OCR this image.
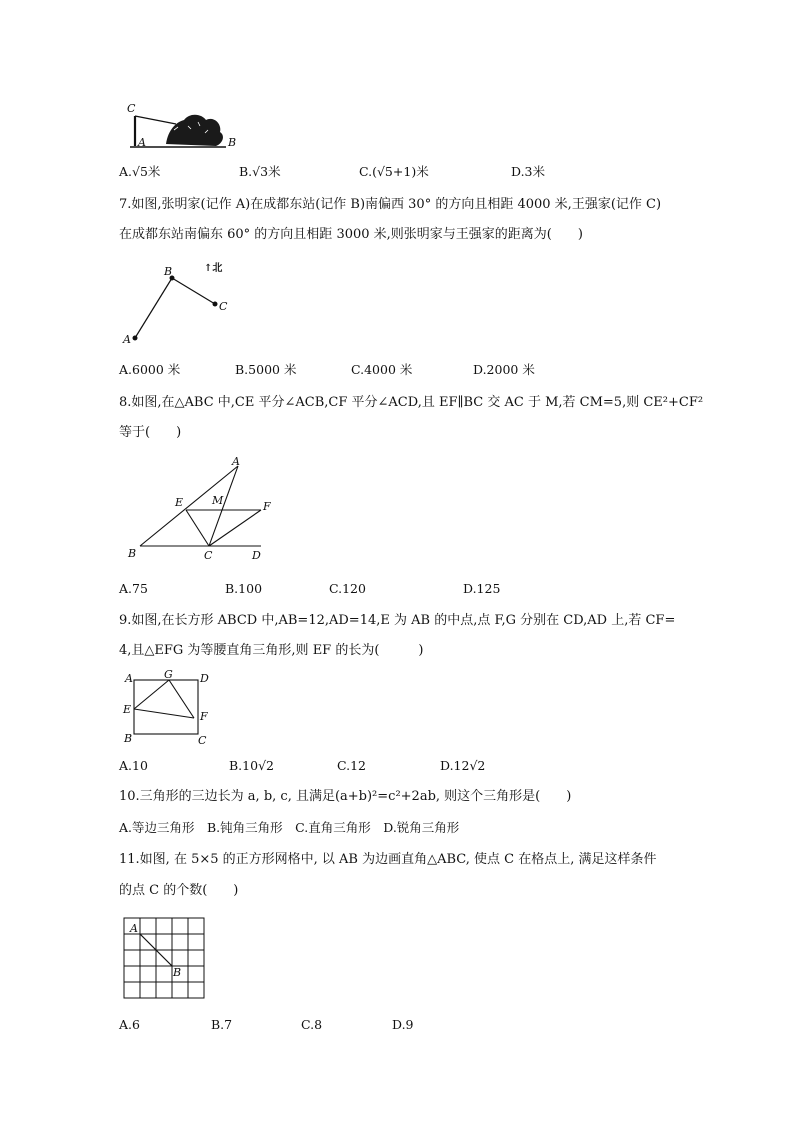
C
A	B
A.√5米	B.√3米	C.(√5+1)米	D.3米
7.如图,张明家(记作 A)在成都东站(记作 B)南偏西 30° 的方向且相距 4000 米,王强家(记作 C)
在成都东站南偏东 60° 的方向且相距 3000 米,则张明家与王强家的距离为(　　)
B
C
A
↑北
A.6000 米	B.5000 米	C.4000 米	D.2000 米
8.如图,在△ABC 中,CE 平分∠ACB,CF 平分∠ACD,且 EF∥BC 交 AC 于 M,若 CM=5,则 CE²+CF²
等于(　　)
A
E	M	F
B	C	D
A.75	B.100	C.120	D.125
9.如图,在长方形 ABCD 中,AB=12,AD=14,E 为 AB 的中点,点 F,G 分别在 CD,AD 上,若 CF=
4,且△EFG 为等腰直角三角形,则 EF 的长为(　　　)
A	G D
E
F
B	C
A.10	B.10√2	C.12	D.12√2
10.三角形的三边长为 a, b, c, 且满足(a+b)²=c²+2ab, 则这个三角形是(　　)
A.等边三角形　B.钝角三角形　C.直角三角形　D.锐角三角形
11.如图, 在 5×5 的正方形网格中, 以 AB 为边画直角△ABC, 使点 C 在格点上, 满足这样条件
的点 C 的个数(　　)
A
B
A.6	B.7	C.8	D.9
